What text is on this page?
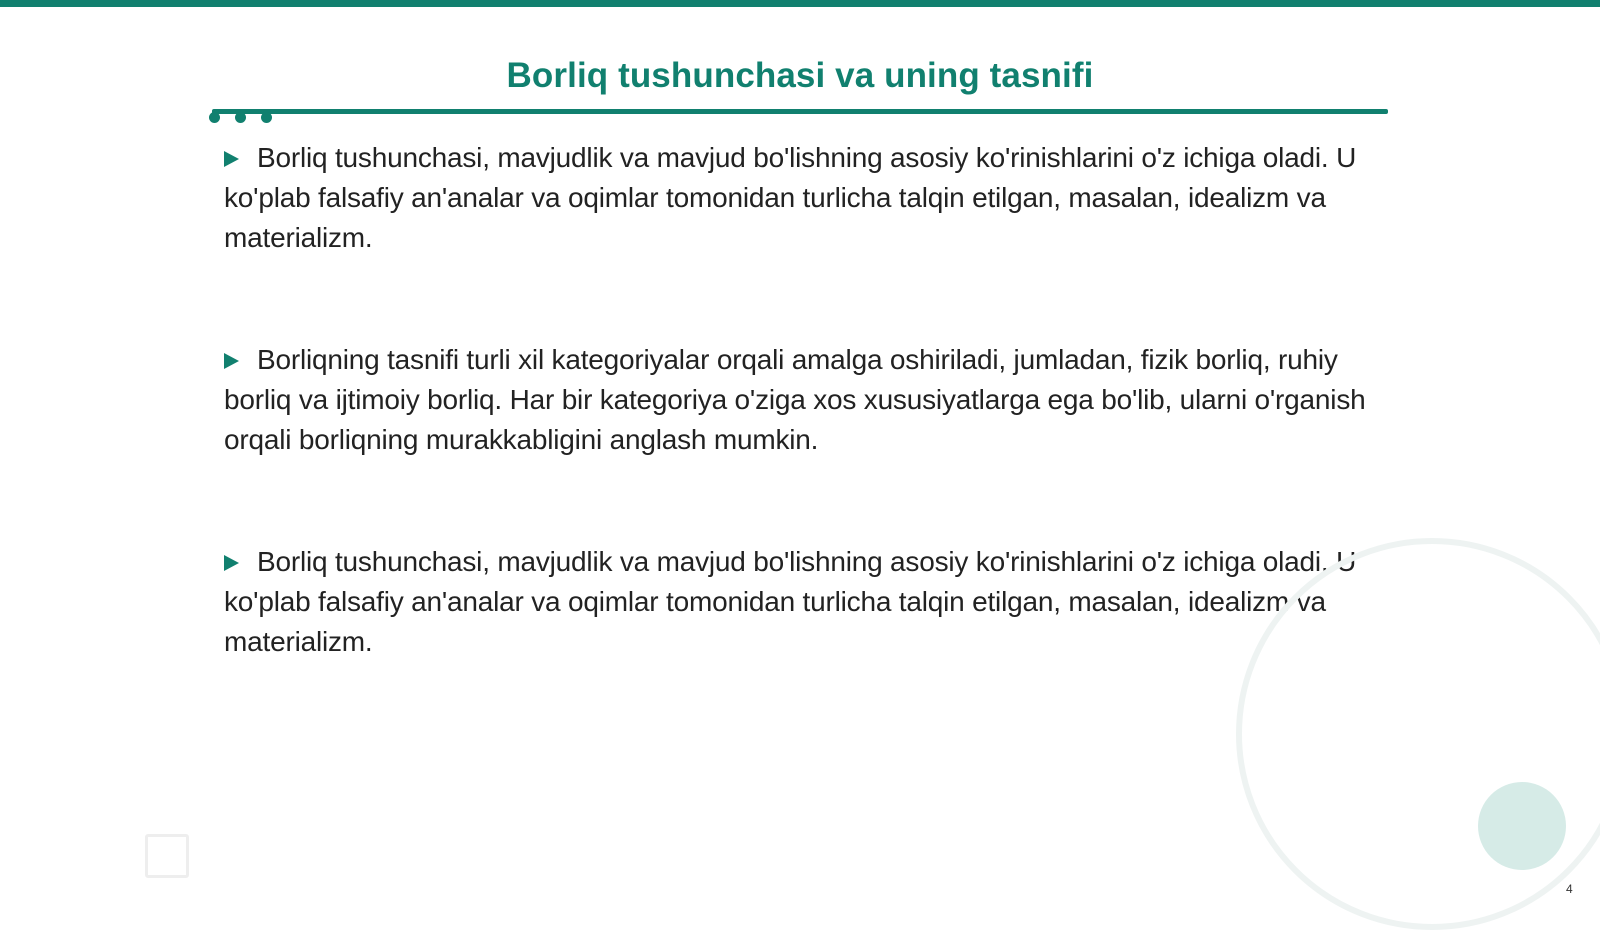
Borliq tushunchasi va uning tasnifi
Borliq tushunchasi, mavjudlik va mavjud bo'lishning asosiy ko'rinishlarini o'z ichiga oladi. U ko'plab falsafiy an'analar va oqimlar tomonidan turlicha talqin etilgan, masalan, idealizm va materializm.
Borliqning tasnifi turli xil kategoriyalar orqali amalga oshiriladi, jumladan, fizik borliq, ruhiy borliq va ijtimoiy borliq. Har bir kategoriya o'ziga xos xususiyatlarga ega bo'lib, ularni o'rganish orqali borliqning murakkabligini anglash mumkin.
Borliq tushunchasi, mavjudlik va mavjud bo'lishning asosiy ko'rinishlarini o'z ichiga oladi. U ko'plab falsafiy an'analar va oqimlar tomonidan turlicha talqin etilgan, masalan, idealizm va materializm.
4
